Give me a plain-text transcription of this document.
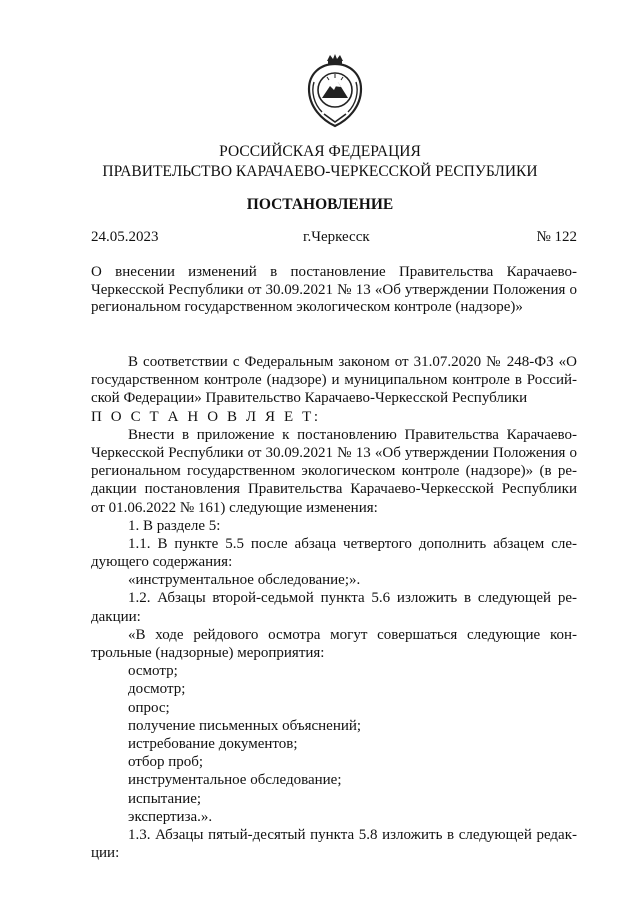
РОССИЙСКАЯ ФЕДЕРАЦИЯ
ПРАВИТЕЛЬСТВО КАРАЧАЕВО-ЧЕРКЕССКОЙ РЕСПУБЛИКИ
ПОСТАНОВЛЕНИЕ
24.05.2023	г.Черкесск	№ 122
О внесении изменений в постановление Правительства Карачаево-
Черкесской Республики от 30.09.2021 № 13 «Об утверждении Положения о
региональном государственном экологическом контроле (надзоре)»
В соответствии с Федеральным законом от 31.07.2020 № 248-ФЗ «О
государственном контроле (надзоре) и муниципальном контроле в Россий-
ской Федерации» Правительство Карачаево-Черкесской Республики
П О С Т А Н О В Л Я Е Т:
Внести в приложение к постановлению Правительства Карачаево-
Черкесской Республики от 30.09.2021 № 13 «Об утверждении Положения о
региональном государственном экологическом контроле (надзоре)» (в ре-
дакции постановления Правительства Карачаево-Черкесской Республики
от 01.06.2022 № 161) следующие изменения:
1. В разделе 5:
1.1. В пункте 5.5 после абзаца четвертого дополнить абзацем сле-
дующего содержания:
«инструментальное обследование;».
1.2. Абзацы второй-седьмой пункта 5.6 изложить в следующей ре-
дакции:
«В ходе рейдового осмотра могут совершаться следующие кон-
трольные (надзорные) мероприятия:
осмотр;
досмотр;
опрос;
получение письменных объяснений;
истребование документов;
отбор проб;
инструментальное обследование;
испытание;
экспертиза.».
1.3. Абзацы пятый-десятый пункта 5.8 изложить в следующей редак-
ции:
